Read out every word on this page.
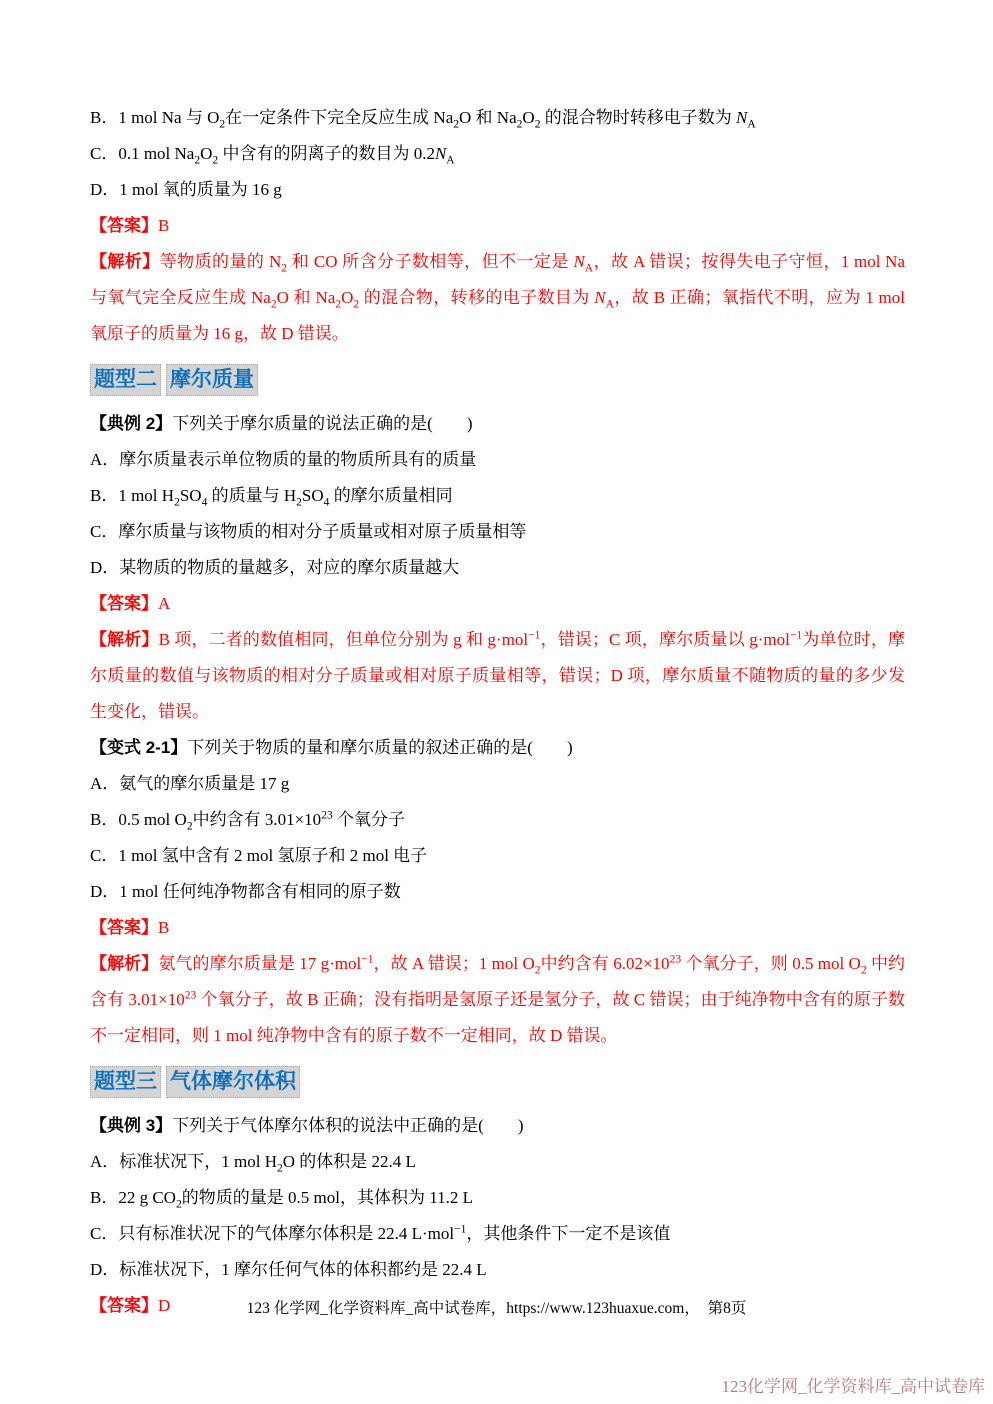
B．1 mol Na 与 $O_2$在一定条件下完全反应生成 $Na_2O$ 和 $Na_2O_2$ 的混合物时转移电子数为 $N_A$

C．0.1 mol $Na_2O_2$ 中含有的阴离子的数目为 $0.2N_A$

D．1 mol 氧的质量为 16 g

【答案】B

【解析】等物质的量的 $N_2$ 和 CO 所含分子数相等，但不一定是 $N_A$，故 A 错误；按得失电子守恒，1 mol Na 与氧气完全反应生成 $Na_2O$ 和 $Na_2O_2$ 的混合物，转移的电子数目为 $N_A$，故 B 正确；氧指代不明，应为 1 mol 氧原子的质量为 16 g，故 D 错误。

题型二 摩尔质量

【典例 2】下列关于摩尔质量的说法正确的是(　　)

A．摩尔质量表示单位物质的量的物质所具有的质量

B．1 mol $H_2SO_4$ 的质量与 $H_2SO_4$ 的摩尔质量相同

C．摩尔质量与该物质的相对分子质量或相对原子质量相等

D．某物质的物质的量越多，对应的摩尔质量越大

【答案】A

【解析】B 项，二者的数值相同，但单位分别为 g 和 g·mol$^{-1}$，错误；C 项，摩尔质量以 g·mol$^{-1}$为单位时，摩尔质量的数值与该物质的相对分子质量或相对原子质量相等，错误；D 项，摩尔质量不随物质的量的多少发生变化，错误。

【变式 2-1】下列关于物质的量和摩尔质量的叙述正确的是(　　)

A．氨气的摩尔质量是 17 g

B．0.5 mol $O_2$中约含有 $3.01\times 10^{23}$ 个氧分子

C．1 mol 氢中含有 2 mol 氢原子和 2 mol 电子

D．1 mol 任何纯净物都含有相同的原子数

【答案】B

【解析】氨气的摩尔质量是 17 g·mol$^{-1}$，故 A 错误；1 mol $O_2$中约含有 $6.02\times 10^{23}$ 个氧分子，则 0.5 mol $O_2$ 中约含有 $3.01\times 10^{23}$ 个氧分子，故 B 正确；没有指明是氢原子还是氢分子，故 C 错误；由于纯净物中含有的原子数不一定相同，则 1 mol 纯净物中含有的原子数不一定相同，故 D 错误。

题型三 气体摩尔体积

【典例 3】下列关于气体摩尔体积的说法中正确的是(　　)

A．标准状况下，1 mol $H_2O$ 的体积是 22.4 L

B．22 g $CO_2$的物质的量是 0.5 mol，其体积为 11.2 L

C．只有标准状况下的气体摩尔体积是 22.4 L·mol$^{-1}$，其他条件下一定不是该值

D．标准状况下，1 摩尔任何气体的体积都约是 22.4 L

【答案】D	123 化学网_化学资料库_高中试卷库，https://www.123huaxue.com，　第8页
123化学网_化学资料库_高中试卷库
